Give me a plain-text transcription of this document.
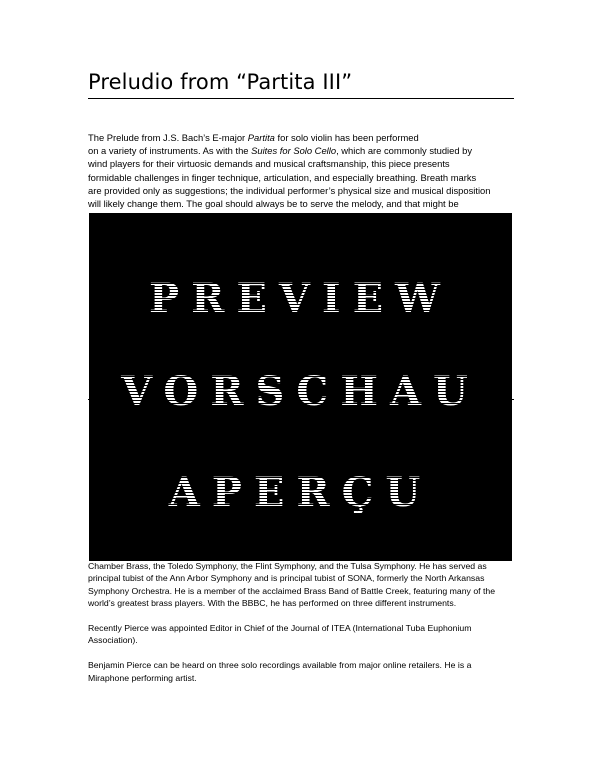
Preludio from “Partita III”
The Prelude from J.S. Bach’s E-major Partita for solo violin has been performed
on a variety of instruments. As with the Suites for Solo Cello, which are commonly studied by
wind players for their virtuosic demands and musical craftsmanship, this piece presents
formidable challenges in finger technique, articulation, and especially breathing. Breath marks
are provided only as suggestions; the individual performer’s physical size and musical disposition
will likely change them. The goal should always be to serve the melody, and that might be

Chamber Brass, the Toledo Symphony, the Flint Symphony, and the Tulsa Symphony. He has served as
principal tubist of the Ann Arbor Symphony and is principal tubist of SONA, formerly the North Arkansas
Symphony Orchestra. He is a member of the acclaimed Brass Band of Battle Creek, featuring many of the
world’s greatest brass players. With the BBBC, he has performed on three different instruments.

Recently Pierce was appointed Editor in Chief of the Journal of ITEA (International Tuba Euphonium
Association).

Benjamin Pierce can be heard on three solo recordings available from major online retailers. He is a
Miraphone performing artist.

PREVIEW
VORSCHAU
APERÇU
